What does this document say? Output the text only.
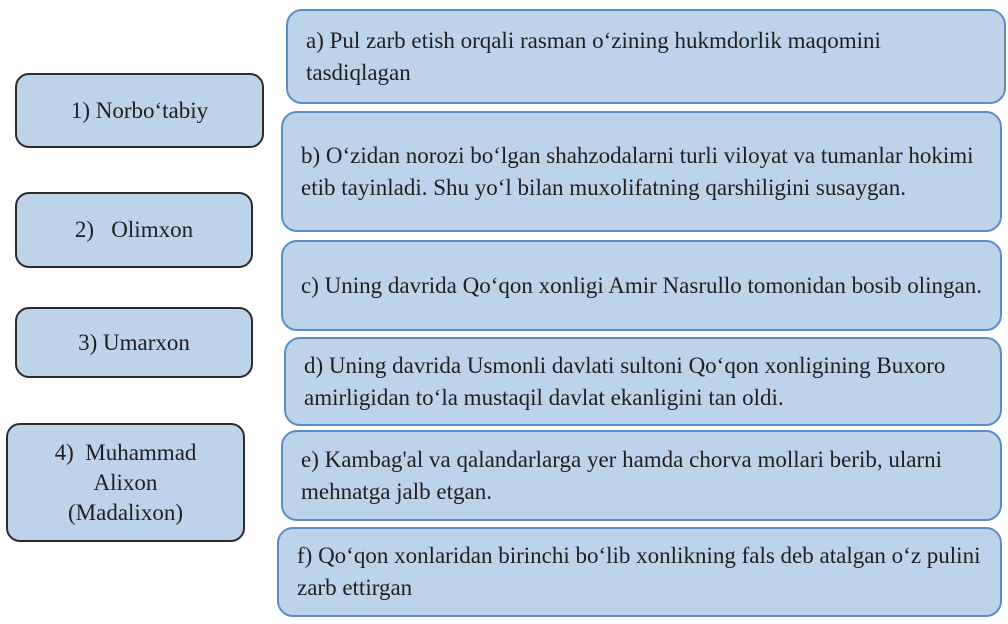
1) Norbo‘tabiy
2)   Olimxon
3) Umarxon
4)  Muhammad
Alixon
(Madalixon)
a) Pul zarb etish orqali rasman o‘zining hukmdorlik maqomini tasdiqlagan
b) O‘zidan norozi bo‘lgan shahzodalarni turli viloyat va tumanlar hokimi etib tayinladi. Shu yo‘l bilan muxolifatning qarshiligini susaygan.
c) Uning davrida Qo‘qon xonligi Amir Nasrullo tomonidan bosib olingan.
d) Uning davrida Usmonli davlati sultoni Qo‘qon xonligining Buxoro amirligidan to‘la mustaqil davlat ekanligini tan oldi.
e) Kambag'al va qalandarlarga yer hamda chorva mollari berib, ularni mehnatga jalb etgan.
f) Qo‘qon xonlaridan birinchi bo‘lib xonlikning fals deb atalgan o‘z pulini zarb ettirgan
